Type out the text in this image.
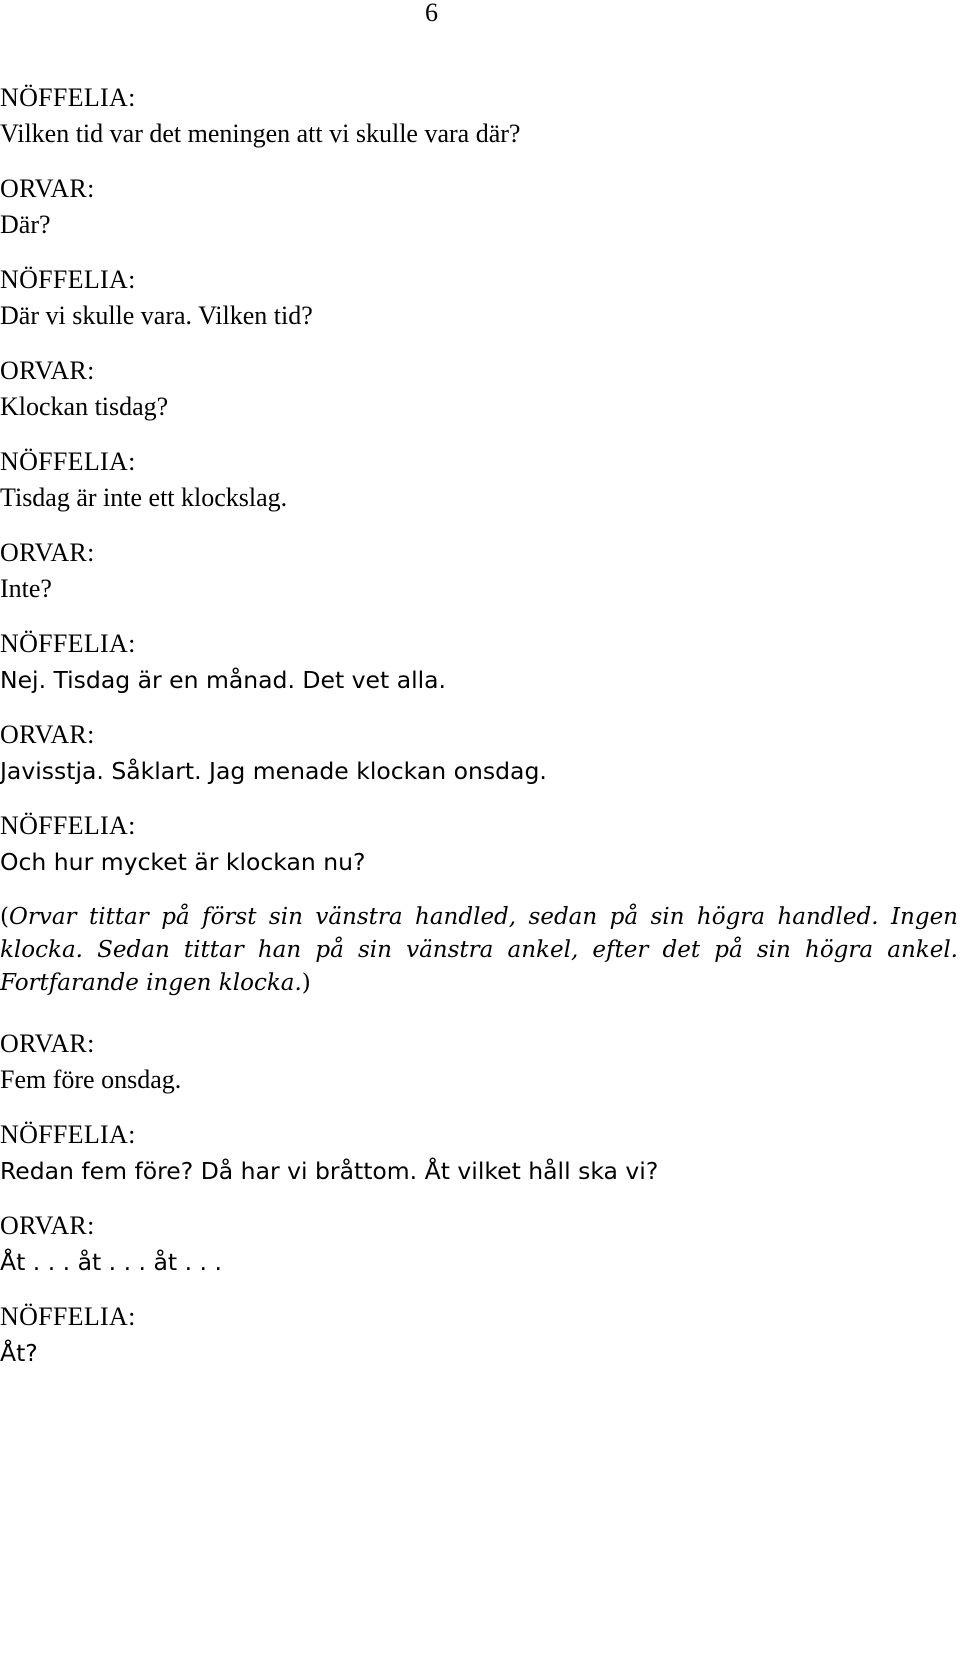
6
NÖFFELIA:
Vilken tid var det meningen att vi skulle vara där?
ORVAR:
Där?
NÖFFELIA:
Där vi skulle vara. Vilken tid?
ORVAR:
Klockan tisdag?
NÖFFELIA:
Tisdag är inte ett klockslag.
ORVAR:
Inte?
NÖFFELIA:
Nej. Tisdag är en månad. Det vet alla.
ORVAR:
Javisstja. Såklart. Jag menade klockan onsdag.
NÖFFELIA:
Och hur mycket är klockan nu?
(Orvar tittar på först sin vänstra handled, sedan på sin högra handled. Ingen klocka. Sedan tittar han på sin vänstra ankel, efter det på sin högra ankel. Fortfarande ingen klocka.)
ORVAR:
Fem före onsdag.
NÖFFELIA:
Redan fem före? Då har vi bråttom. Åt vilket håll ska vi?
ORVAR:
Åt . . . åt . . . åt . . .
NÖFFELIA:
Åt?
